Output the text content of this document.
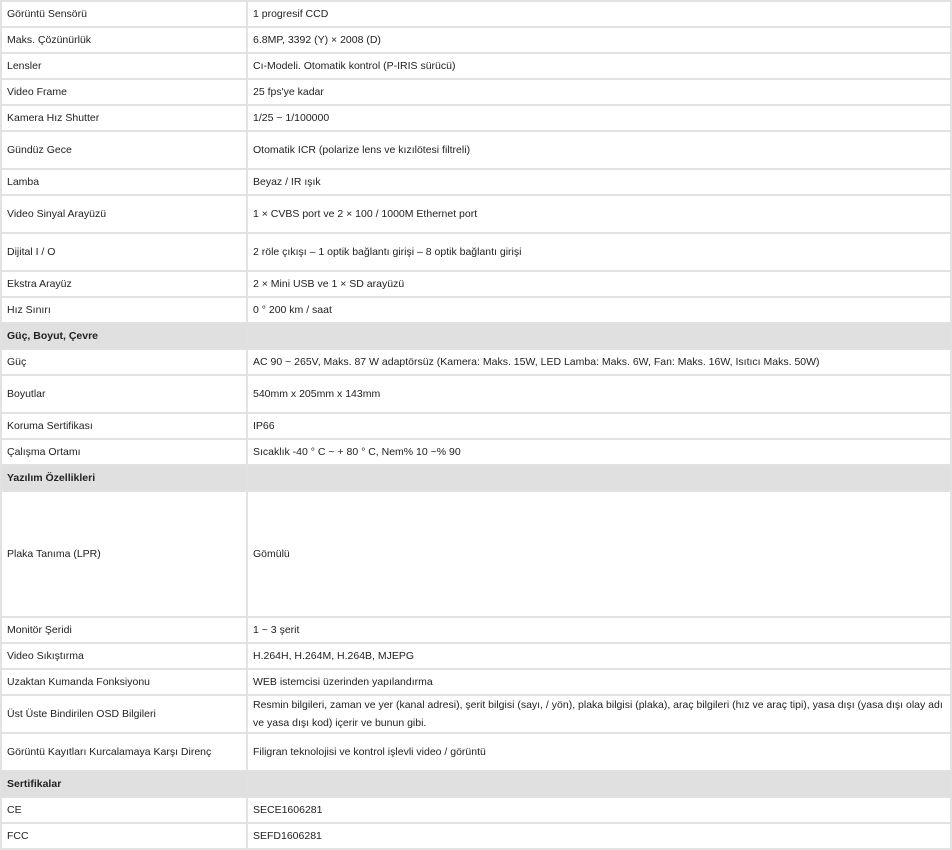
Görüntü Sensörü	1 progresif CCD
Maks. Çözünürlük	6.8MP, 3392 (Y) × 2008 (D)
Lensler	Cı-Modeli. Otomatik kontrol (P-IRIS sürücü)
Video Frame	25 fps'ye kadar
Kamera Hız Shutter	1/25 ~ 1/100000
Gündüz Gece	Otomatik ICR (polarize lens ve kızılötesi filtreli)
Lamba	Beyaz / IR ışık
Video Sinyal Arayüzü	1 × CVBS port ve 2 × 100 / 1000M Ethernet port
Dijital I / O	2 röle çıkışı – 1 optik bağlantı girişi – 8 optik bağlantı girişi
Ekstra Arayüz	2 × Mini USB ve 1 × SD arayüzü
Hız Sınırı	0 ° 200 km / saat
Güç, Boyut, Çevre	
Güç	AC 90 ~ 265V, Maks. 87 W adaptörsüz (Kamera: Maks. 15W, LED Lamba: Maks. 6W, Fan: Maks. 16W, Isıtıcı Maks. 50W)
Boyutlar	540mm x 205mm x 143mm
Koruma Sertifikası	IP66
Çalışma Ortamı	Sıcaklık -40 ° C ~ + 80 ° C, Nem% 10 ~% 90
Yazılım Özellikleri	
Plaka Tanıma (LPR)	Gömülü
Monitör Şeridi	1 ~ 3 şerit
Video Sıkıştırma	H.264H, H.264M, H.264B, MJEPG
Uzaktan Kumanda Fonksiyonu	WEB istemcisi üzerinden yapılandırma
Üst Üste Bindirilen OSD Bilgileri	Resmin bilgileri, zaman ve yer (kanal adresi), şerit bilgisi (sayı, / yön), plaka bilgisi (plaka), araç bilgileri (hız ve araç tipi), yasa dışı (yasa dışı olay adı ve yasa dışı kod) içerir ve bunun gibi.
Görüntü Kayıtları Kurcalamaya Karşı Direnç	Filigran teknolojisi ve kontrol işlevli video / görüntü
Sertifikalar	
CE	SECE1606281
FCC	SEFD1606281
